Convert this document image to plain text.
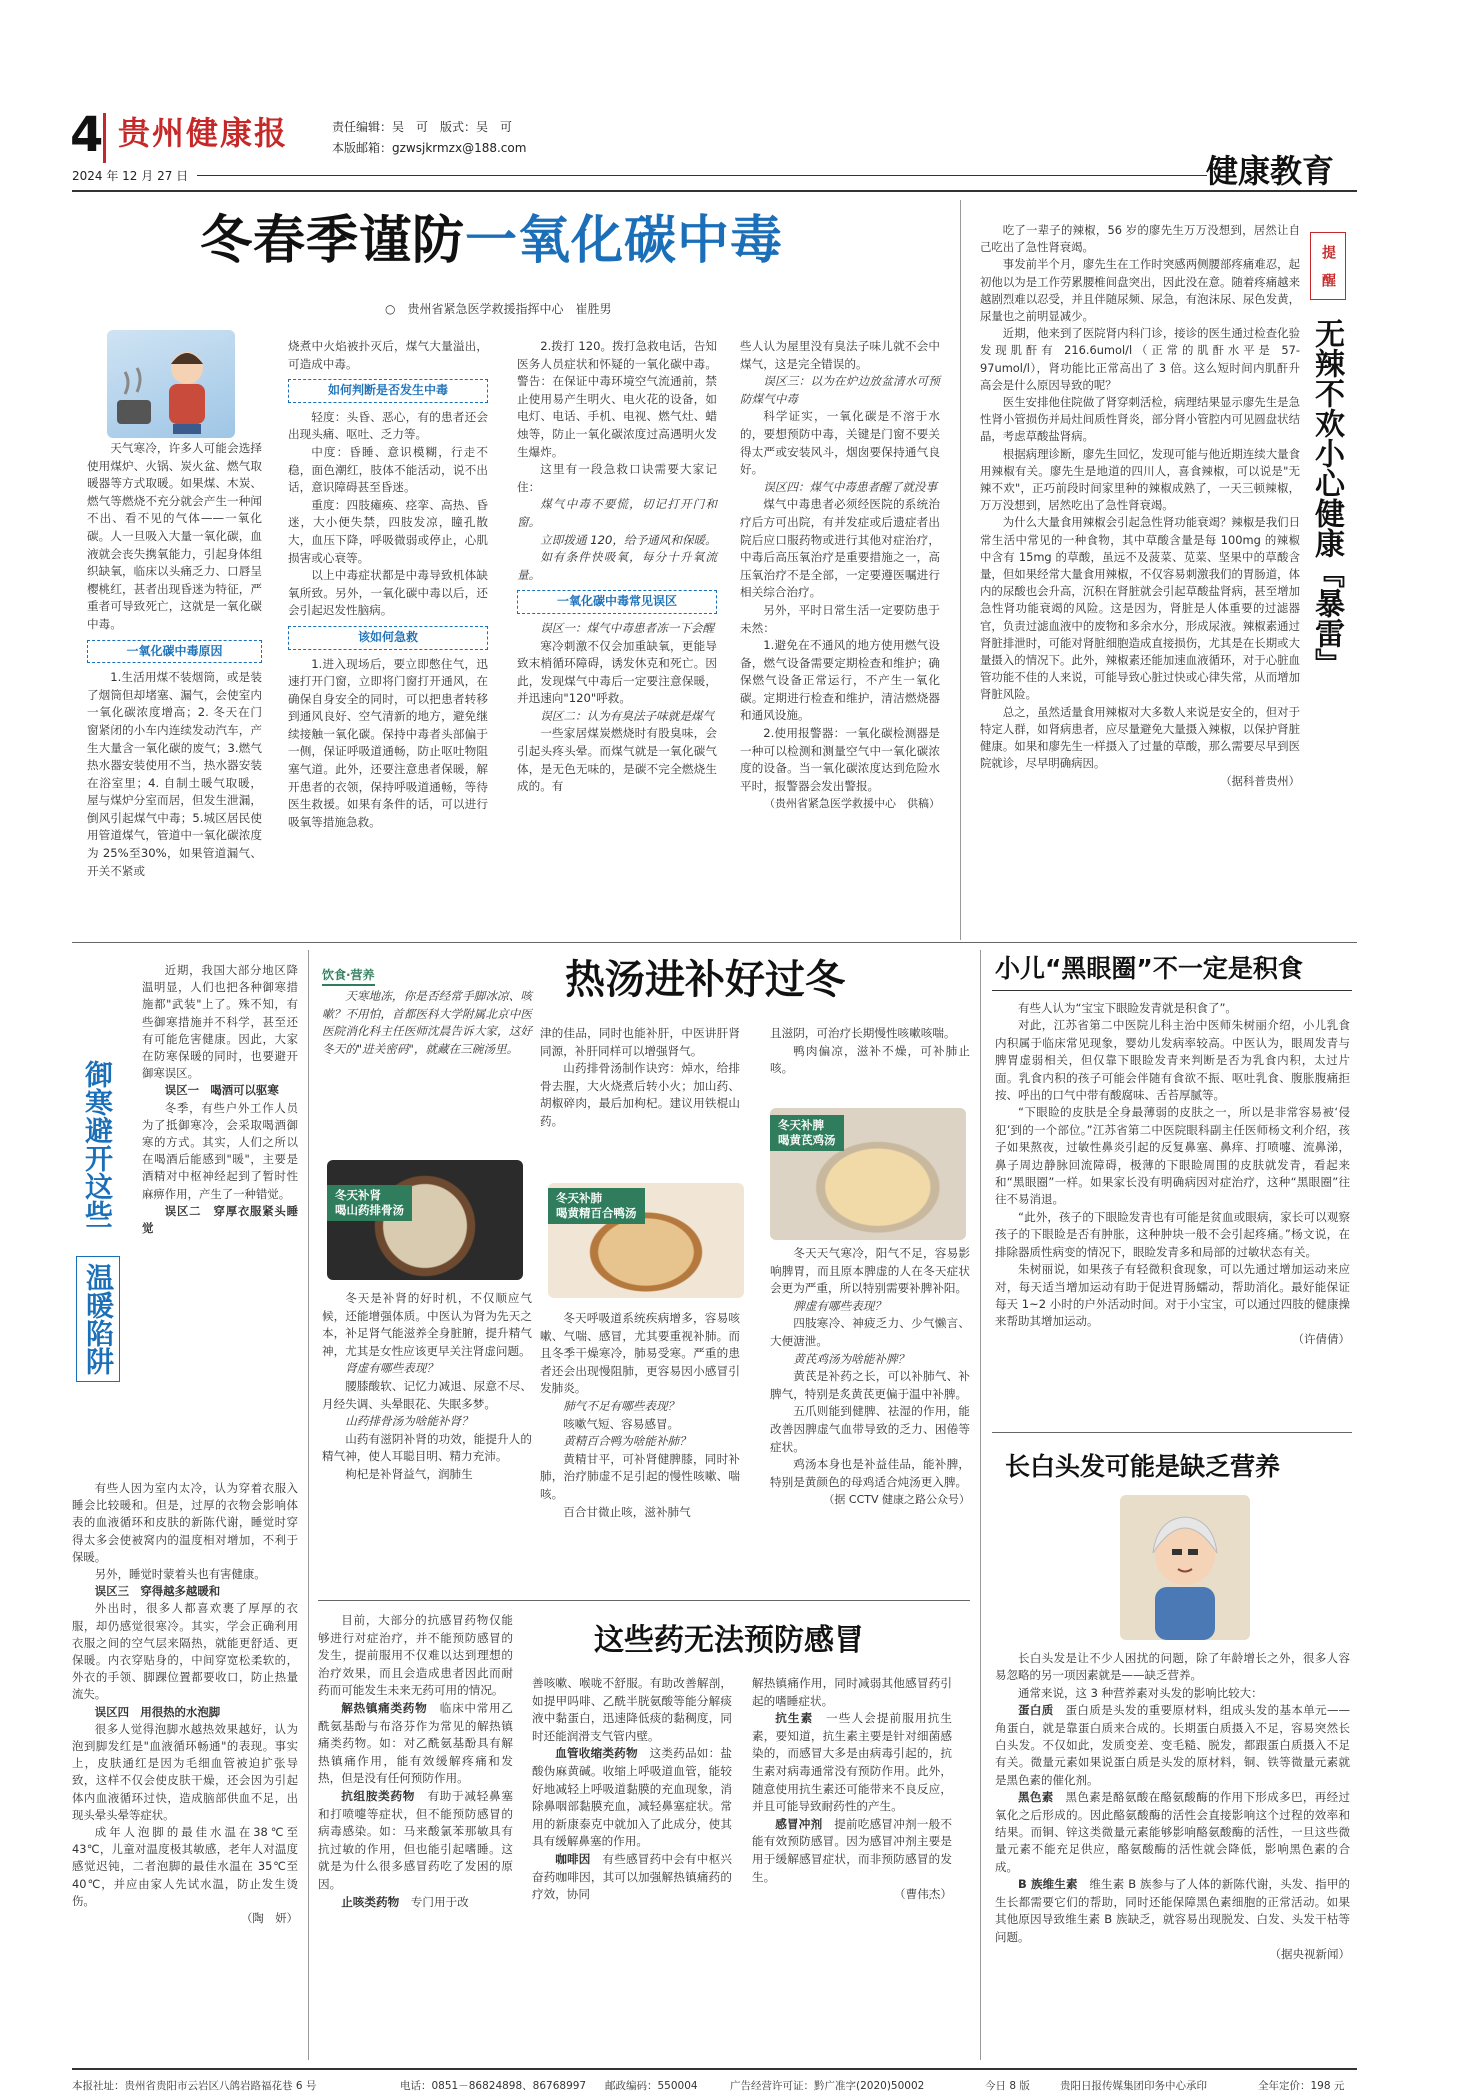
4 贵州健康报	责任编辑：吴　可　版式：吴　可
本版邮箱：gzwsjkrmzx@188.com
2024 年 12 月 27 日	健康教育
冬春季谨防一氧化碳中毒
○　贵州省紧急医学救援指挥中心　崔胜男

天气寒冷，许多人可能会选择使用煤炉、火锅、炭火盆、燃气取暖器等方式取暖。如果煤、木炭、燃气等燃烧不充分就会产生一种闻不出、看不见的气体——一氧化碳。人一旦吸入大量一氧化碳，血液就会丧失携氧能力，引起身体组织缺氧，临床以头痛乏力、口唇呈樱桃红，甚者出现昏迷为特征，严重者可导致死亡，这就是一氧化碳中毒。

一氧化碳中毒原因

1.生活用煤不装烟筒，或是装了烟筒但却堵塞、漏气，会使室内一氧化碳浓度增高；2. 冬天在门窗紧闭的小车内连续发动汽车，产生大量含一氧化碳的废气；3.燃气热水器安装使用不当，热水器安装在浴室里；4. 自制土暖气取暖，屋与煤炉分室而居，但发生泄漏，倒风引起煤气中毒；5.城区居民使用管道煤气，管道中一氧化碳浓度为 25%至30%，如果管道漏气、开关不紧或

烧煮中火焰被扑灭后，煤气大量溢出，可造成中毒。

如何判断是否发生中毒

轻度：头昏、恶心，有的患者还会出现头痛、呕吐、乏力等。

中度：昏睡、意识模糊，行走不稳，面色潮红，肢体不能活动，说不出话，意识障碍甚至昏迷。

重度：四肢瘫痪、痉挛、高热、昏迷，大小便失禁，四肢发凉，瞳孔散大，血压下降，呼吸微弱或停止，心肌损害或心衰等。

以上中毒症状都是中毒导致机体缺氧所致。另外，一氧化碳中毒以后，还会引起迟发性脑病。

该如何急救

1.进入现场后，要立即憋住气，迅速打开门窗，立即将门窗打开通风，在确保自身安全的同时，可以把患者转移到通风良好、空气清新的地方，避免继续接触一氧化碳。保持中毒者头部偏于一侧，保证呼吸道通畅，防止呕吐物阻塞气道。此外，还要注意患者保暖，解开患者的衣领，保持呼吸道通畅，等待医生救援。如果有条件的话，可以进行吸氧等措施急救。

2.拨打 120。拨打急救电话，告知医务人员症状和怀疑的一氧化碳中毒。警告：在保证中毒环境空气流通前，禁止使用易产生明火、电火花的设备，如电灯、电话、手机、电视、燃气灶、蜡烛等，防止一氧化碳浓度过高遇明火发生爆炸。

这里有一段急救口诀需要大家记住：

煤气中毒不要慌，切记打开门和窗。

立即拨通 120，给予通风和保暖。

如有条件快吸氧，每分十升氧流量。

一氧化碳中毒常见误区

误区一：煤气中毒患者冻一下会醒

寒冷刺激不仅会加重缺氧，更能导致末梢循环障碍，诱发休克和死亡。因此，发现煤气中毒后一定要注意保暖，并迅速向"120"呼救。

误区二：认为有臭法子味就是煤气

一些家居煤炭燃烧时有股臭味，会引起头疼头晕。而煤气就是一氧化碳气体，是无色无味的，是碳不完全燃烧生成的。有

些人认为屋里没有臭法子味儿就不会中煤气，这是完全错误的。

误区三：以为在炉边放盆清水可预防煤气中毒

科学证实，一氧化碳是不溶于水的，要想预防中毒，关键是门窗不要关得太严或安装风斗，烟囱要保持通气良好。

误区四：煤气中毒患者醒了就没事

煤气中毒患者必须经医院的系统治疗后方可出院，有并发症或后遗症者出院后应口服药物或进行其他对症治疗，中毒后高压氧治疗是重要措施之一，高压氧治疗不是全部，一定要遵医嘱进行相关综合治疗。

另外，平时日常生活一定要防患于未然：

1.避免在不通风的地方使用燃气设备，燃气设备需要定期检查和维护；确保燃气设备正常运行，不产生一氧化碳。定期进行检查和维护，清洁燃烧器和通风设施。

2.使用报警器：一氧化碳检测器是一种可以检测和测量空气中一氧化碳浓度的设备。当一氧化碳浓度达到危险水平时，报警器会发出警报。

（贵州省紧急医学救援中心　供稿）

吃了一辈子的辣椒，56 岁的廖先生万万没想到，居然让自己吃出了急性肾衰竭。

事发前半个月，廖先生在工作时突感两侧腰部疼痛难忍，起初他以为是工作劳累腰椎间盘突出，因此没在意。随着疼痛越来越剧烈难以忍受，并且伴随尿频、尿急，有泡沫尿、尿色发黄，尿量也之前明显减少。

近期，他来到了医院肾内科门诊，接诊的医生通过检查化验发现肌酐有 216.6umol/l（正常的肌酐水平是 57-97umol/l），肾功能比正常高出了 3 倍。这么短时间内肌酐升高会是什么原因导致的呢？

医生安排他住院做了肾穿刺活检，病理结果显示廖先生是急性肾小管损伤并局灶间质性肾炎，部分肾小管腔内可见圆盘状结晶，考虑草酸盐肾病。

根据病理诊断，廖先生回忆，发现可能与他近期连续大量食用辣椒有关。廖先生是地道的四川人，喜食辣椒，可以说是"无辣不欢"，正巧前段时间家里种的辣椒成熟了，一天三顿辣椒，万万没想到，居然吃出了急性肾衰竭。

为什么大量食用辣椒会引起急性肾功能衰竭？辣椒是我们日常生活中常见的一种食物，其中草酸含量是每 100mg 的辣椒中含有 15mg 的草酸，虽远不及菠菜、苋菜、坚果中的草酸含量，但如果经常大量食用辣椒，不仅容易刺激我们的胃肠道，体内的尿酸也会升高，沉积在肾脏就会引起草酸盐肾病，甚至增加急性肾功能衰竭的风险。这是因为，肾脏是人体重要的过滤器官，负责过滤血液中的废物和多余水分，形成尿液。辣椒素通过肾脏排泄时，可能对肾脏细胞造成直接损伤，尤其是在长期或大量摄入的情况下。此外，辣椒素还能加速血液循环，对于心脏血管功能不佳的人来说，可能导致心脏过快或心律失常，从而增加肾脏风险。

总之，虽然适量食用辣椒对大多数人来说是安全的，但对于特定人群，如肾病患者，应尽量避免大量摄入辣椒，以保护肾脏健康。如果和廖先生一样摄入了过量的草酸，那么需要尽早到医院就诊，尽早明确病因。

（据科普贵州）
提　醒
无辣不欢小心健康『暴雷』
御寒避开这些
温暖陷阱

近期，我国大部分地区降温明显，人们也把各种御寒措施都"武装"上了。殊不知，有些御寒措施并不科学，甚至还有可能危害健康。因此，大家在防寒保暖的同时，也要避开御寒误区。

误区一　喝酒可以驱寒

冬季，有些户外工作人员为了抵御寒冷，会采取喝酒御寒的方式。其实，人们之所以在喝酒后能感到"暖"，主要是酒精对中枢神经起到了暂时性麻痹作用，产生了一种错觉。

误区二　穿厚衣服紧头睡觉

有些人因为室内太冷，认为穿着衣服入睡会比较暖和。但是，过厚的衣物会影响体表的血液循环和皮肤的新陈代谢，睡觉时穿得太多会使被窝内的温度相对增加，不利于保暖。

另外，睡觉时蒙着头也有害健康。

误区三　穿得越多越暖和

外出时，很多人都喜欢裹了厚厚的衣服，却仍感觉很寒冷。其实，学会正确利用衣服之间的空气层来隔热，就能更舒适、更保暖。内衣穿贴身的，中间穿宽松柔软的，外衣的手领、脚踝位置都要收口，防止热量流失。

误区四　用很热的水泡脚

很多人觉得泡脚水越热效果越好，认为泡到脚发红是"血液循环畅通"的表现。事实上，皮肤通红是因为毛细血管被迫扩张导致，这样不仅会使皮肤干燥，还会因为引起体内血液循环过快，造成脑部供血不足，出现头晕头晕等症状。

成年人泡脚的最佳水温在38℃至 43℃，儿童对温度极其敏感，老年人对温度感觉迟钝，二者泡脚的最佳水温在 35℃至 40℃，并应由家人先试水温，防止发生烫伤。

（陶　妍）
饮食·营养	热汤进补好过冬
天寒地冻，你是否经常手脚冰凉、咳嗽？不用怕，首都医科大学附属北京中医医院消化科主任医师沈晨告诉大家，这好冬天的"进关密码"，就藏在三碗汤里。
冬天补肾
喝山药排骨汤
冬天补肺
喝黄精百合鸭汤
冬天补脾
喝黄芪鸡汤

冬天是补肾的好时机，不仅顺应气候，还能增强体质。中医认为肾为先天之本，补足肾气能滋养全身脏腑，提升精气神，尤其是女性应该更早关注肾虚问题。

肾虚有哪些表现？

腰膝酸软、记忆力减退、尿意不尽、月经失调、头晕眼花、失眠多梦。

山药排骨汤为啥能补肾？

山药有滋阴补肾的功效，能提升人的精气神，使人耳聪目明、精力充沛。

枸杞是补肾益气，润肺生

津的佳品，同时也能补肝，中医讲肝肾同源，补肝同样可以增强肾气。

山药排骨汤制作诀窍：焯水，给排骨去腥，大火烧煮后转小火；加山药、胡椒碎肉，最后加枸杞。建议用铁棍山药。

冬天呼吸道系统疾病增多，容易咳嗽、气喘、感冒，尤其要重视补肺。而且冬季干燥寒冷，肺易受寒。严重的患者还会出现慢阻肺，更容易因小感冒引发肺炎。

肺气不足有哪些表现？

咳嗽气短、容易感冒。

黄精百合鸭为啥能补肺？

黄精甘平，可补肾健脾膝，同时补肺，治疗肺虚不足引起的慢性咳嗽、喘咳。

百合甘微止咳，滋补肺气

且滋阴，可治疗长期慢性咳嗽咳喘。

鸭肉偏凉，滋补不燥，可补肺止咳。

冬天天气寒冷，阳气不足，容易影响脾胃，而且原本脾虚的人在冬天症状会更为严重，所以特别需要补脾补阳。

脾虚有哪些表现？

四肢寒冷、神疲乏力、少气懒言、大便溏泄。

黄芪鸡汤为啥能补脾？

黄芪是补药之长，可以补肺气、补脾气，特别是炙黄芪更偏于温中补脾。

五爪则能到健脾、祛湿的作用，能改善因脾虚气血带导致的乏力、困倦等症状。

鸡汤本身也是补益佳品，能补脾，特别是黄颜色的母鸡适合炖汤更入脾。

（据 CCTV 健康之路公众号）
这些药无法预防感冒

目前，大部分的抗感冒药物仅能够进行对症治疗，并不能预防感冒的发生，提前服用不仅难以达到理想的治疗效果，而且会造成患者因此而耐药而可能发生未来无药可用的情况。

解热镇痛类药物　 临床中常用乙酰氨基酚与布洛芬作为常见的解热镇痛类药物。如：对乙酰氨基酚具有解热镇痛作用，能有效缓解疼痛和发热，但是没有任何预防作用。

抗组胺类药物　 有助于减轻鼻塞和打喷嚏等症状，但不能预防感冒的病毒感染。如：马来酸氯苯那敏具有抗过敏的作用，但也能引起嗜睡。这就是为什么很多感冒药吃了发困的原因。

止咳类药物　 专门用于改

善咳嗽、喉咙不舒服。有助改善解剖，如提甲吗啡、乙酰半胱氨酸等能分解痰液中黏蛋白，迅速降低痰的黏稠度，同时还能润滑支气管内壁。

血管收缩类药物　 这类药品如：盐酸伪麻黄碱。收缩上呼吸道血管，能较好地减轻上呼吸道黏膜的充血现象，消除鼻咽部黏膜充血，减轻鼻塞症状。常用的新康泰克中就加入了此成分，使其具有缓解鼻塞的作用。

咖啡因　 有些感冒药中会有中枢兴奋药咖啡因，其可以加强解热镇痛药的疗效，协同

解热镇痛作用，同时减弱其他感冒药引起的嗜睡症状。

抗生素　 一些人会提前服用抗生素，要知道，抗生素主要是针对细菌感染的，而感冒大多是由病毒引起的，抗生素对病毒通常没有预防作用。此外，随意使用抗生素还可能带来不良反应，并且可能导致耐药性的产生。

感冒冲剂　 提前吃感冒冲剂一般不能有效预防感冒。因为感冒冲剂主要是用于缓解感冒症状，而非预防感冒的发生。

（曹伟杰）
小儿“黑眼圈”不一定是积食

有些人认为“宝宝下眼睑发青就是积食了”。

对此，江苏省第二中医院儿科主治中医师朱树丽介绍，小儿乳食内积属于临床常见现象，婴幼儿发病率较高。中医认为，眼周发青与脾胃虚弱相关，但仅靠下眼睑发青来判断是否为乳食内积，太过片面。乳食内积的孩子可能会伴随有食欲不振、呕吐乳食、腹胀腹痛拒按、呼出的口气中带有酸腐味、舌苔厚腻等。

“下眼睑的皮肤是全身最薄弱的皮肤之一，所以是非常容易被‘侵犯’到的一个部位。”江苏省第二中医院眼科副主任医师杨文利介绍，孩子如果熬夜，过敏性鼻炎引起的反复鼻塞、鼻痒、打喷嚏、流鼻涕，鼻子周边静脉回流障碍，极薄的下眼睑周围的皮肤就发青，看起来和“黑眼圈”一样。如果家长没有明确病因对症治疗，这种“黑眼圈”往往不易消退。

“此外，孩子的下眼睑发青也有可能是贫血或眼病，家长可以观察孩子的下眼睑是否有肿胀，这种肿块一般不会引起疼痛。”杨文说，在排除器质性病变的情况下，眼睑发青多和局部的过敏状态有关。

朱树丽说，如果孩子有轻微积食现象，可以先通过增加运动来应对，每天适当增加运动有助于促进胃肠蠕动，帮助消化。最好能保证每天 1~2 小时的户外活动时间。对于小宝宝，可以通过四肢的健康操来帮助其增加运动。

（许倩倩）
长白头发可能是缺乏营养

长白头发是让不少人困扰的问题，除了年龄增长之外，很多人容易忽略的另一项因素就是——缺乏营养。

通常来说，这 3 种营养素对头发的影响比较大：

蛋白质　 蛋白质是头发的重要原材料，组成头发的基本单元——角蛋白，就是靠蛋白质来合成的。长期蛋白质摄入不足，容易突然长白头发。不仅如此，发质变差、变毛糙、脱发，都跟蛋白质摄入不足有关。微量元素如果说蛋白质是头发的原材料，铜、铁等微量元素就是黑色素的催化剂。

黑色素　 黑色素是酪氨酸在酪氨酸酶的作用下形成多巴，再经过氧化之后形成的。因此酪氨酸酶的活性会直接影响这个过程的效率和结果。而铜、锌这类微量元素能够影响酪氨酸酶的活性，一旦这些微量元素不能充足供应，酪氨酸酶的活性就会降低，影响黑色素的合成。

B 族维生素　 维生素 B 族参与了人体的新陈代谢，头发、指甲的生长都需要它们的帮助，同时还能保障黑色素细胞的正常活动。如果其他原因导致维生素 B 族缺乏，就容易出现脱发、白发、头发干枯等问题。

（据央视新闻）
本报社址：贵州省贵阳市云岩区八鸽岩路福花巷 6 号	电话：0851－86824898、86768997 邮政编码：550004	广告经营许可证：黔广准字(2020)50002	今日 8 版	贵阳日报传媒集团印务中心承印	全年定价：198 元
